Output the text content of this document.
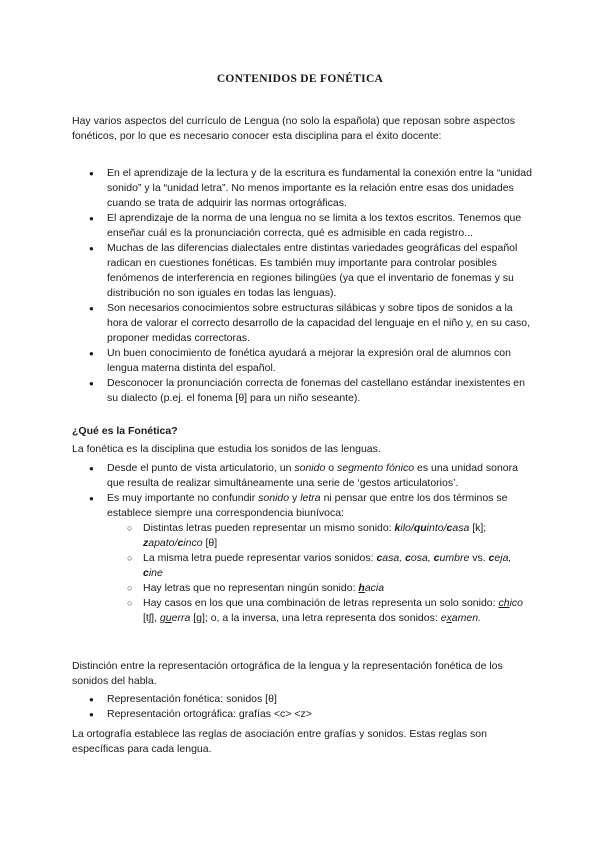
CONTENIDOS DE FONÉTICA

Hay varios aspectos del currículo de Lengua (no solo la española) que reposan sobre aspectos fonéticos, por lo que es necesario conocer esta disciplina para el éxito docente:

● En el aprendizaje de la lectura y de la escritura es fundamental la conexión entre la “unidad sonido” y la “unidad letra”. No menos importante es la relación entre esas dos unidades cuando se trata de adquirir las normas ortográficas.
● El aprendizaje de la norma de una lengua no se limita a los textos escritos. Tenemos que enseñar cuál es la pronunciación correcta, qué es admisible en cada registro...
● Muchas de las diferencias dialectales entre distintas variedades geográficas del español radican en cuestiones fonéticas. Es también muy importante para controlar posibles fenómenos de interferencia en regiones bilingües (ya que el inventario de fonemas y su distribución no son iguales en todas las lenguas).
● Son necesarios conocimientos sobre estructuras silábicas y sobre tipos de sonidos a la hora de valorar el correcto desarrollo de la capacidad del lenguaje en el niño y, en su caso, proponer medidas correctoras.
● Un buen conocimiento de fonética ayudará a mejorar la expresión oral de alumnos con lengua materna distinta del español.
● Desconocer la pronunciación correcta de fonemas del castellano estándar inexistentes en su dialecto (p.ej. el fonema [θ] para un niño seseante).
¿Qué es la Fonética?

La fonética es la disciplina que estudia los sonidos de las lenguas.

● Desde el punto de vista articulatorio, un sonido o segmento fónico es una unidad sonora que resulta de realizar simultáneamente una serie de ‘gestos articulatorios’.
● Es muy importante no confundir sonido y letra ni pensar que entre los dos términos se establece siempre una correspondencia biunívoca:
○ Distintas letras pueden representar un mismo sonido: kilo/quinto/casa [k]; zapato/cinco [θ]
○ La misma letra puede representar varios sonidos: casa, cosa, cumbre vs. ceja, cine
○ Hay letras que no representan ningún sonido: hacia
○ Hay casos en los que una combinación de letras representa un solo sonido: chico [tʃ], guerra [g]; o, a la inversa, una letra representa dos sonidos: examen.

Distinción entre la representación ortográfica de la lengua y la representación fonética de los sonidos del habla.

● Representación fonética: sonidos [θ]
● Representación ortográfica: grafías <c> <z>

La ortografía establece las reglas de asociación entre grafías y sonidos. Estas reglas son específicas para cada lengua.
